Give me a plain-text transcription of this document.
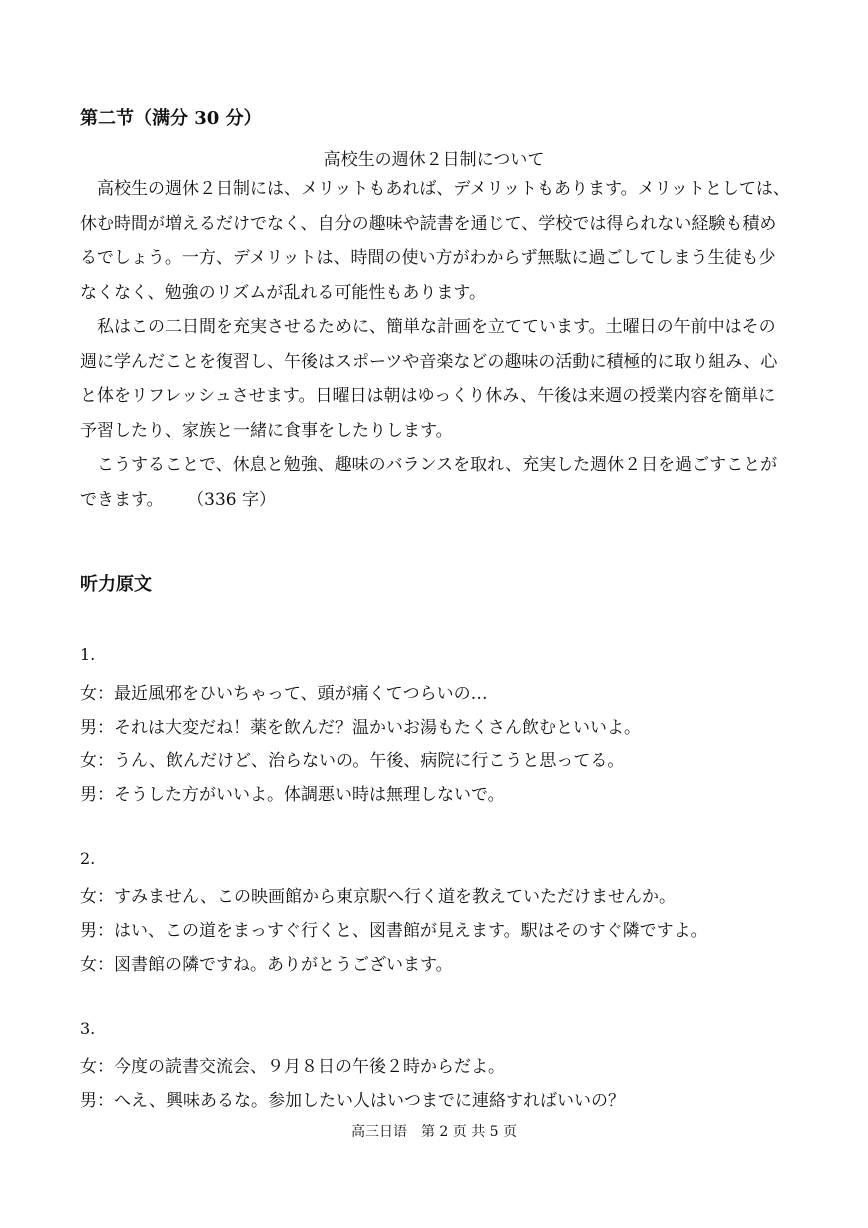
第二节（满分 30 分）
高校生の週休２日制について

高校生の週休２日制には、メリットもあれば、デメリットもあります。メリットとしては、休む時間が増えるだけでなく、自分の趣味や読書を通じて、学校では得られない経験も積めるでしょう。一方、デメリットは、時間の使い方がわからず無駄に過ごしてしまう生徒も少なくなく、勉強のリズムが乱れる可能性もあります。

私はこの二日間を充実させるために、簡単な計画を立てています。土曜日の午前中はその週に学んだことを復習し、午後はスポーツや音楽などの趣味の活動に積極的に取り組み、心と体をリフレッシュさせます。日曜日は朝はゆっくり休み、午後は来週の授業内容を簡単に予習したり、家族と一緒に食事をしたりします。

こうすることで、休息と勉強、趣味のバランスを取れ、充実した週休２日を過ごすことができます。 （336 字）

听力原文
1.
女：最近風邪をひいちゃって、頭が痛くてつらいの…
男：それは大変だね！薬を飲んだ？温かいお湯もたくさん飲むといいよ。
女：うん、飲んだけど、治らないの。午後、病院に行こうと思ってる。
男：そうした方がいいよ。体調悪い時は無理しないで。
2.
女：すみません、この映画館から東京駅へ行く道を教えていただけませんか。
男：はい、この道をまっすぐ行くと、図書館が見えます。駅はそのすぐ隣ですよ。
女：図書館の隣ですね。ありがとうございます。
3.
女：今度の読書交流会、９月８日の午後２時からだよ。
男：へえ、興味あるな。参加したい人はいつまでに連絡すればいいの？
高三日语　第 2 页 共 5 页
